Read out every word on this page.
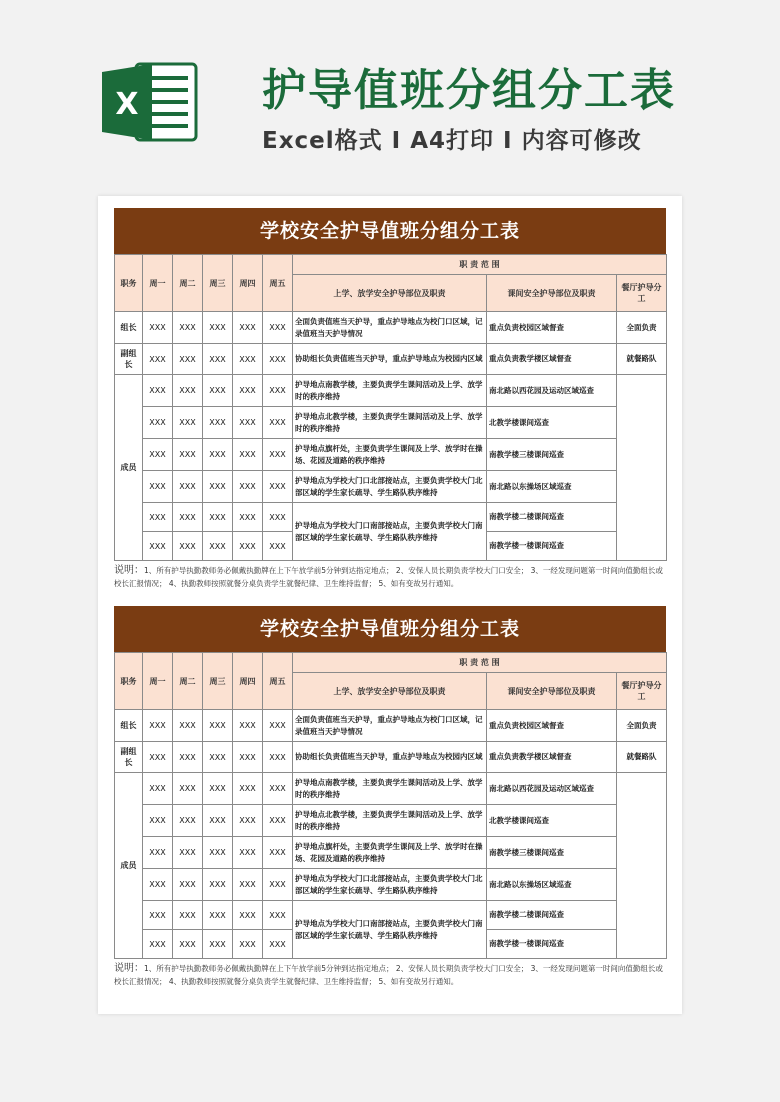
X	护导值班分组分工表
Excel格式 Ⅰ A4打印 Ⅰ 内容可修改
学校安全护导值班分组分工表
职务	周一	周二	周三	周四	周五	职 责 范 围		
						上学、放学安全护导部位及职责	课间安全护导部位及职责	餐厅护导分工
组长	XXX	XXX	XXX	XXX	XXX	全面负责值班当天护导，重点护导地点为校门口区域，记录值班当天护导情况	重点负责校园区域督查	全面负责
副组长	XXX	XXX	XXX	XXX	XXX	协助组长负责值班当天护导，重点护导地点为校园内区域	重点负责教学楼区域督查	就餐路队
成员	XXX	XXX	XXX	XXX	XXX	护导地点南教学楼，主要负责学生课间活动及上学、放学时的秩序维持	南北路以西花园及运动区域巡查	
	XXX	XXX	XXX	XXX	XXX	护导地点北教学楼，主要负责学生课间活动及上学、放学时的秩序维持	北教学楼课间巡查	
	XXX	XXX	XXX	XXX	XXX	护导地点旗杆处，主要负责学生课间及上学、放学时在操场、花园及道路的秩序维持	南教学楼三楼课间巡查	
	XXX	XXX	XXX	XXX	XXX	护导地点为学校大门口北部接站点，主要负责学校大门北部区域的学生家长疏导、学生路队秩序维持	南北路以东操场区域巡查	
	XXX	XXX	XXX	XXX	XXX	护导地点为学校大门口南部接站点，主要负责学校大门南部区域的学生家长疏导、学生路队秩序维持	南教学楼二楼课间巡查	
	XXX	XXX	XXX	XXX	XXX		南教学楼一楼课间巡查	
说明：1、所有护导执勤教师务必佩戴执勤牌在上下午放学前5分钟到达指定地点； 2、安保人员长期负责学校大门口安全； 3、一经发现问题第一时间向值勤组长或校长汇报情况； 4、执勤教师按照就餐分桌负责学生就餐纪律、卫生维持监督； 5、如有变故另行通知。
学校安全护导值班分组分工表
职务	周一	周二	周三	周四	周五	职 责 范 围		
						上学、放学安全护导部位及职责	课间安全护导部位及职责	餐厅护导分工
组长	XXX	XXX	XXX	XXX	XXX	全面负责值班当天护导，重点护导地点为校门口区域，记录值班当天护导情况	重点负责校园区域督查	全面负责
副组长	XXX	XXX	XXX	XXX	XXX	协助组长负责值班当天护导，重点护导地点为校园内区域	重点负责教学楼区域督查	就餐路队
成员	XXX	XXX	XXX	XXX	XXX	护导地点南教学楼，主要负责学生课间活动及上学、放学时的秩序维持	南北路以西花园及运动区域巡查	
	XXX	XXX	XXX	XXX	XXX	护导地点北教学楼，主要负责学生课间活动及上学、放学时的秩序维持	北教学楼课间巡查	
	XXX	XXX	XXX	XXX	XXX	护导地点旗杆处，主要负责学生课间及上学、放学时在操场、花园及道路的秩序维持	南教学楼三楼课间巡查	
	XXX	XXX	XXX	XXX	XXX	护导地点为学校大门口北部接站点，主要负责学校大门北部区域的学生家长疏导、学生路队秩序维持	南北路以东操场区域巡查	
	XXX	XXX	XXX	XXX	XXX	护导地点为学校大门口南部接站点，主要负责学校大门南部区域的学生家长疏导、学生路队秩序维持	南教学楼二楼课间巡查	
	XXX	XXX	XXX	XXX	XXX		南教学楼一楼课间巡查	
说明：1、所有护导执勤教师务必佩戴执勤牌在上下午放学前5分钟到达指定地点； 2、安保人员长期负责学校大门口安全； 3、一经发现问题第一时间向值勤组长或校长汇报情况； 4、执勤教师按照就餐分桌负责学生就餐纪律、卫生维持监督； 5、如有变故另行通知。
